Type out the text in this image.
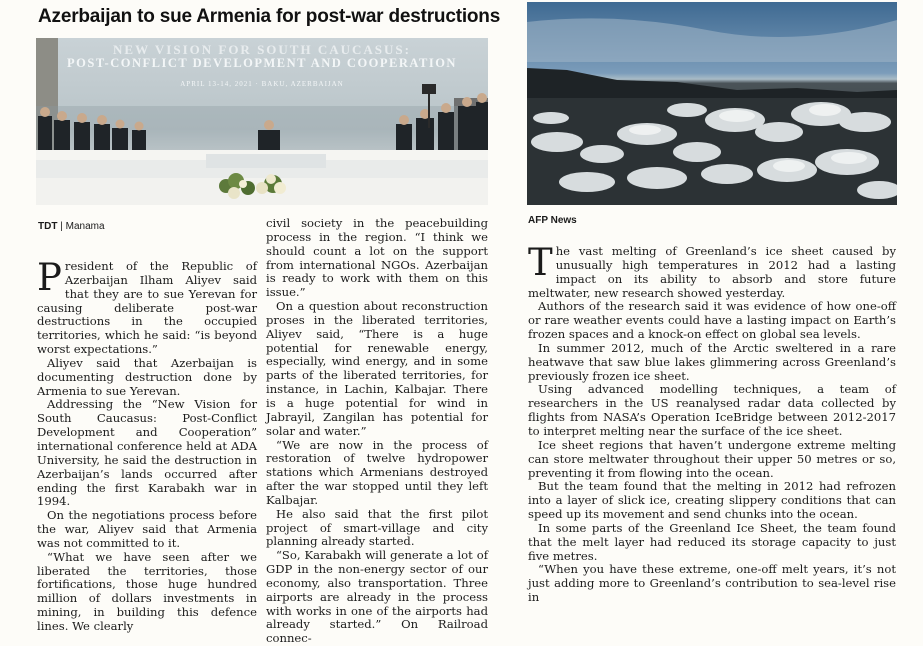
Azerbaijan to sue Armenia for post-war destructions
NEW VISION FOR SOUTH CAUCASUS:
POST-CONFLICT DEVELOPMENT AND COOPERATION
APRIL 13-14, 2021 · BAKU, AZERBAIJAN
TDT | Manama
AFP News

President of the Republic of Azerbaijan Ilham Aliyev said that they are to sue Yerevan for causing deliberate post-war destructions in the occupied territories, which he said: “is beyond worst expectations.”

Aliyev said that Azerbaijan is documenting destruction done by Armenia to sue Yerevan.

Addressing the “New Vision for South Caucasus: Post-Conflict Development and Cooperation” international conference held at ADA University, he said the destruction in Azerbaijan’s lands occurred after ending the first Karabakh war in 1994.

On the negotiations process before the war, Aliyev said that Armenia was not committed to it.

“What we have seen after we liberated the territories, those fortifications, those huge hundred million of dollars investments in mining, in building this defence lines. We clearly

civil society in the peacebuilding process in the region. “I think we should count a lot on the support from international NGOs. Azerbaijan is ready to work with them on this issue.”

On a question about reconstruction proses in the liberated territories, Aliyev said, “There is a huge potential for renewable energy, especially, wind energy, and in some parts of the liberated territories, for instance, in Lachin, Kalbajar. There is a huge potential for wind in Jabrayil, Zangilan has potential for solar and water.”

“We are now in the process of restoration of twelve hydropower stations which Armenians destroyed after the war stopped until they left Kalbajar.

He also said that the first pilot project of smart-village and city planning already started.

“So, Karabakh will generate a lot of GDP in the non-energy sector of our economy, also transportation. Three airports are already in the process with works in one of the airports had already started.” On Railroad connec-

The vast melting of Greenland’s ice sheet caused by unusually high temperatures in 2012 had a lasting impact on its ability to absorb and store future meltwater, new research showed yesterday.

Authors of the research said it was evidence of how one-off or rare weather events could have a lasting impact on Earth’s frozen spaces and a knock-on effect on global sea levels.

In summer 2012, much of the Arctic sweltered in a rare heatwave that saw blue lakes glimmering across Greenland’s previously frozen ice sheet.

Using advanced modelling techniques, a team of researchers in the US reanalysed radar data collected by flights from NASA’s Operation IceBridge between 2012-2017 to interpret melting near the surface of the ice sheet.

Ice sheet regions that haven’t undergone extreme melting can store meltwater throughout their upper 50 metres or so, preventing it from flowing into the ocean.

But the team found that the melting in 2012 had refrozen into a layer of slick ice, creating slippery conditions that can speed up its movement and send chunks into the ocean.

In some parts of the Greenland Ice Sheet, the team found that the melt layer had reduced its storage capacity to just five metres.

“When you have these extreme, one-off melt years, it’s not just adding more to Greenland’s contribution to sea-level rise in
